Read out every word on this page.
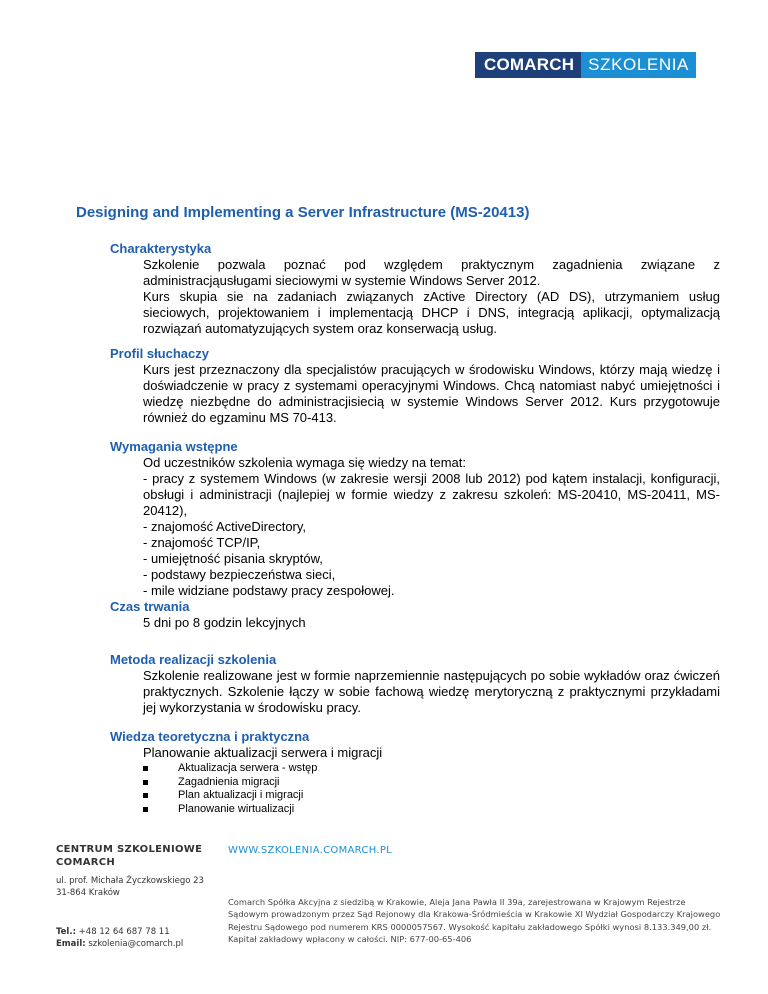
COMARCH SZKOLENIA
Designing and Implementing a Server Infrastructure (MS-20413)
Charakterystyka

Szkolenie pozwala poznać pod względem praktycznym zagadnienia związane z administracjąusługami sieciowymi w systemie Windows Server 2012.

Kurs skupia sie na zadaniach związanych zActive Directory (AD DS), utrzymaniem usług sieciowych, projektowaniem i implementacją DHCP i DNS, integracją aplikacji, optymalizacją rozwiązań automatyzujących system oraz konserwacją usług.

Profil słuchaczy

Kurs jest przeznaczony dla specjalistów pracujących w środowisku Windows, którzy mają wiedzę i doświadczenie w pracy z systemami operacyjnymi Windows. Chcą natomiast nabyć umiejętności i wiedzę niezbędne do administracjisiecią w systemie Windows Server 2012. Kurs przygotowuje również do egzaminu MS 70-413.

Wymagania wstępne

Od uczestników szkolenia wymaga się wiedzy na temat:

- pracy z systemem Windows (w zakresie wersji 2008 lub 2012) pod kątem instalacji, konfiguracji, obsługi i administracji (najlepiej w formie wiedzy z zakresu szkoleń: MS-20410, MS-20411, MS-20412),

- znajomość ActiveDirectory,

- znajomość TCP/IP,

- umiejętność pisania skryptów,

- podstawy bezpieczeństwa sieci,

- mile widziane podstawy pracy zespołowej.

Czas trwania

5 dni po 8 godzin lekcyjnych

Metoda realizacji szkolenia

Szkolenie realizowane jest w formie naprzemiennie następujących po sobie wykładów oraz ćwiczeń praktycznych. Szkolenie łączy w sobie fachową wiedzę merytoryczną z praktycznymi przykładami jej wykorzystania w środowisku pracy.

Wiedza teoretyczna i praktyczna

Planowanie aktualizacji serwera i migracji

Aktualizacja serwera - wstęp
Zagadnienia migracji
Plan aktualizacji i migracji
Planowanie wirtualizacji
CENTRUM SZKOLENIOWE
COMARCH
ul. prof. Michała Życzkowskiego 23
31-864 Kraków
Tel.: +48 12 64 687 78 11
Email: szkolenia@comarch.pl
WWW.SZKOLENIA.COMARCH.PL
Comarch Spółka Akcyjna z siedzibą w Krakowie, Aleja Jana Pawła II 39a, zarejestrowana w Krajowym Rejestrze Sądowym prowadzonym przez Sąd Rejonowy dla Krakowa-Śródmieścia w Krakowie XI Wydział Gospodarczy Krajowego Rejestru Sądowego pod numerem KRS 0000057567. Wysokość kapitału zakładowego Spółki wynosi 8.133.349,00 zł. Kapitał zakładowy wpłacony w całości. NIP: 677-00-65-406
